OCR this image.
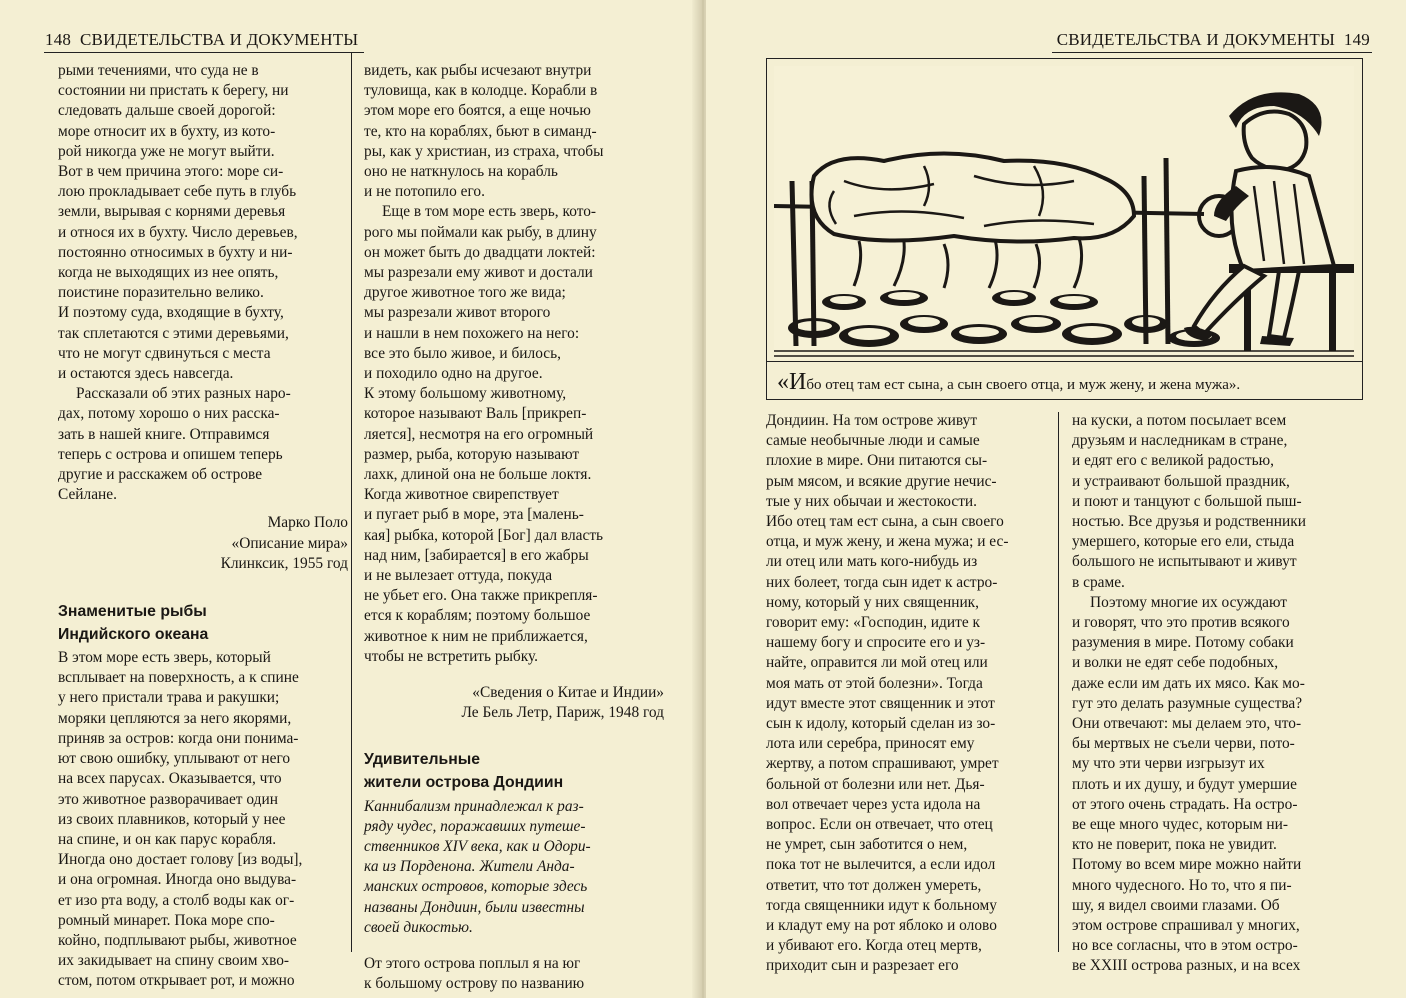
148 СВИДЕТЕЛЬСТВА И ДОКУМЕНТЫ
рыми течениями, что суда не в
состоянии ни пристать к берегу, ни
следовать дальше своей дорогой:
море относит их в бухту, из кото-
рой никогда уже не могут выйти.
Вот в чем причина этого: море си-
лою прокладывает себе путь в глубь
земли, вырывая с корнями деревья
и относя их в бухту. Число деревьев,
постоянно относимых в бухту и ни-
когда не выходящих из нее опять,
поистине поразительно велико.
И поэтому суда, входящие в бухту,
так сплетаются с этими деревьями,
что не могут сдвинуться с места
и остаются здесь навсегда.
Рассказали об этих разных наро-
дах, потому хорошо о них расска-
зать в нашей книге. Отправимся
теперь с острова и опишем теперь
другие и расскажем об острове
Сейлане.
Марко Поло
«Описание мира»
Клинксик, 1955 год
Знаменитые рыбыИндийского океана
В этом море есть зверь, который
всплывает на поверхность, а к спине
у него пристали трава и ракушки;
моряки цепляются за него якорями,
приняв за остров: когда они понима-
ют свою ошибку, уплывают от него
на всех парусах. Оказывается, что
это животное разворачивает один
из своих плавников, который у нее
на спине, и он как парус корабля.
Иногда оно достает голову [из воды],
и она огромная. Иногда оно выдува-
ет изо рта воду, а столб воды как ог-
ромный минарет. Пока море спо-
койно, подплывают рыбы, животное
их закидывает на спину своим хво-
стом, потом открывает рот, и можно
видеть, как рыбы исчезают внутри
туловища, как в колодце. Корабли в
этом море его боятся, а еще ночью
те, кто на кораблях, бьют в симанд-
ры, как у христиан, из страха, чтобы
оно не наткнулось на корабль
и не потопило его.
Еще в том море есть зверь, кото-
рого мы поймали как рыбу, в длину
он может быть до двадцати локтей:
мы разрезали ему живот и достали
другое животное того же вида;
мы разрезали живот второго
и нашли в нем похожего на него:
все это было живое, и билось,
и походило одно на другое.
К этому большому животному,
которое называют Валь [прикреп-
ляется], несмотря на его огромный
размер, рыба, которую называют
лахк, длиной она не больше локтя.
Когда животное свирепствует
и пугает рыб в море, эта [малень-
кая] рыбка, которой [Бог] дал власть
над ним, [забирается] в его жабры
и не вылезает оттуда, покуда
не убьет его. Она также прикрепля-
ется к кораблям; поэтому большое
животное к ним не приближается,
чтобы не встретить рыбку.
«Сведения о Китае и Индии»
Ле Бель Летр, Париж, 1948 год
Удивительныежители острова Дондиин
Каннибализм принадлежал к раз-
ряду чудес, поражавших путеше-
ственников XIV века, как и Одори-
ка из Порденона. Жители Андa-
манских островов, которые здесь
названы Дондиин, были известны
своей дикостью.
От этого острова поплыл я на юг
к большому острову по названию
СВИДЕТЕЛЬСТВА И ДОКУМЕНТЫ 149
«Ибо отец там ест сына, а сын своего отца, и муж жену, и жена мужа».
Дондиин. На том острове живут
самые необычные люди и самые
плохие в мире. Они питаются сы-
рым мясом, и всякие другие нечис-
тые у них обычаи и жестокости.
Ибо отец там ест сына, а сын своего
отца, и муж жену, и жена мужа; и ес-
ли отец или мать кого-нибудь из
них болеет, тогда сын идет к астро-
ному, который у них священник,
говорит ему: «Господин, идите к
нашему богу и спросите его и уз-
найте, оправится ли мой отец или
моя мать от этой болезни». Тогда
идут вместе этот священник и этот
сын к идолу, который сделан из зо-
лота или серебра, приносят ему
жертву, а потом спрашивают, умрет
больной от болезни или нет. Дья-
вол отвечает через уста идола на
вопрос. Если он отвечает, что отец
не умрет, сын заботится о нем,
пока тот не вылечится, а если идол
ответит, что тот должен умереть,
тогда священники идут к больному
и кладут ему на рот яблоко и олово
и убивают его. Когда отец мертв,
приходит сын и разрезает его
на куски, а потом посылает всем
друзьям и наследникам в стране,
и едят его с великой радостью,
и устраивают большой праздник,
и поют и танцуют с большой пыш-
ностью. Все друзья и родственники
умершего, которые его ели, стыда
большого не испытывают и живут
в сраме.
Поэтому многие их осуждают
и говорят, что это против всякого
разумения в мире. Потому собаки
и волки не едят себе подобных,
даже если им дать их мясо. Как мо-
гут это делать разумные существа?
Они отвечают: мы делаем это, что-
бы мертвых не съели черви, пото-
му что эти черви изгрызут их
плоть и их душу, и будут умершие
от этого очень страдать. На остро-
ве еще много чудес, которым ни-
кто не поверит, пока не увидит.
Потому во всем мире можно найти
много чудесного. Но то, что я пи-
шу, я видел своими глазами. Об
этом острове спрашивал у многих,
но все согласны, что в этом остро-
ве XXIII острова разных, и на всех
